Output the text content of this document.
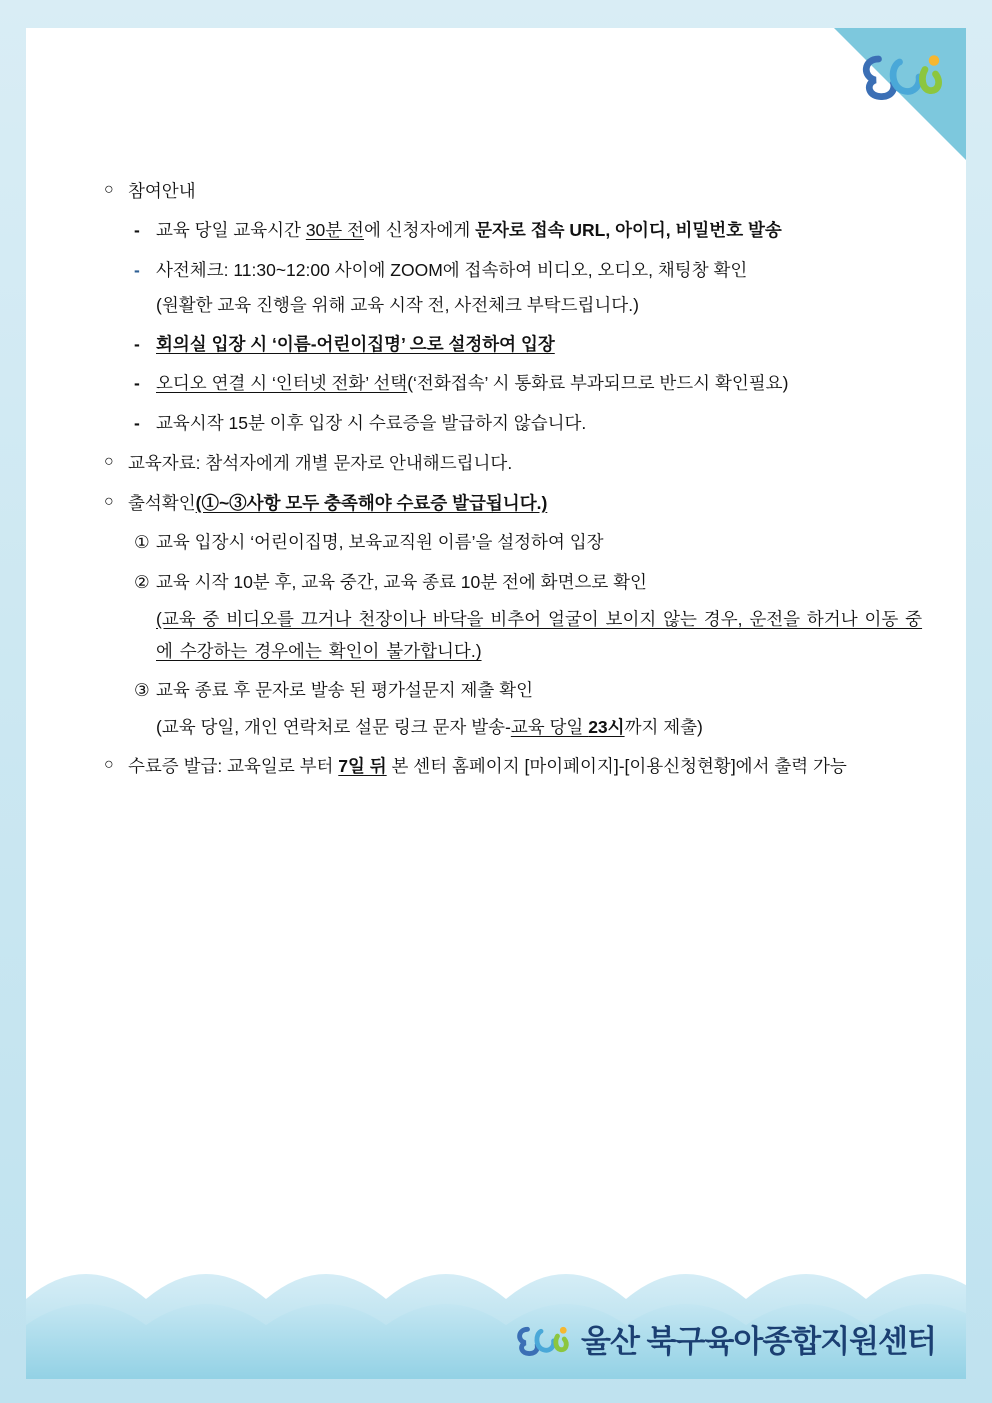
○ 참여안내
- 교육 당일 교육시간 30분 전에 신청자에게 문자로 접속 URL, 아이디, 비밀번호 발송
- 사전체크: 11:30~12:00 사이에 ZOOM에 접속하여 비디오, 오디오, 채팅창 확인
(원활한 교육 진행을 위해 교육 시작 전, 사전체크 부탁드립니다.)
- 회의실 입장 시 ‘이름-어린이집명’ 으로 설정하여 입장
- 오디오 연결 시 ‘인터넷 전화’ 선택(‘전화접속’ 시 통화료 부과되므로 반드시 확인필요)
- 교육시작 15분 이후 입장 시 수료증을 발급하지 않습니다.
○ 교육자료: 참석자에게 개별 문자로 안내해드립니다.
○ 출석확인(①~③사항 모두 충족해야 수료증 발급됩니다.)
① 교육 입장시 ‘어린이집명, 보육교직원 이름’을 설정하여 입장
② 교육 시작 10분 후, 교육 중간, 교육 종료 10분 전에 화면으로 확인
(교육 중 비디오를 끄거나 천장이나 바닥을 비추어 얼굴이 보이지 않는 경우, 운전을 하거나 이동 중에 수강하는 경우에는 확인이 불가합니다.)
③ 교육 종료 후 문자로 발송 된 평가설문지 제출 확인
(교육 당일, 개인 연락처로 설문 링크 문자 발송-교육 당일 23시까지 제출)
○ 수료증 발급: 교육일로 부터 7일 뒤 본 센터 홈페이지 [마이페이지]-[이용신청현황]에서 출력 가능
울산 북구육아종합지원센터
